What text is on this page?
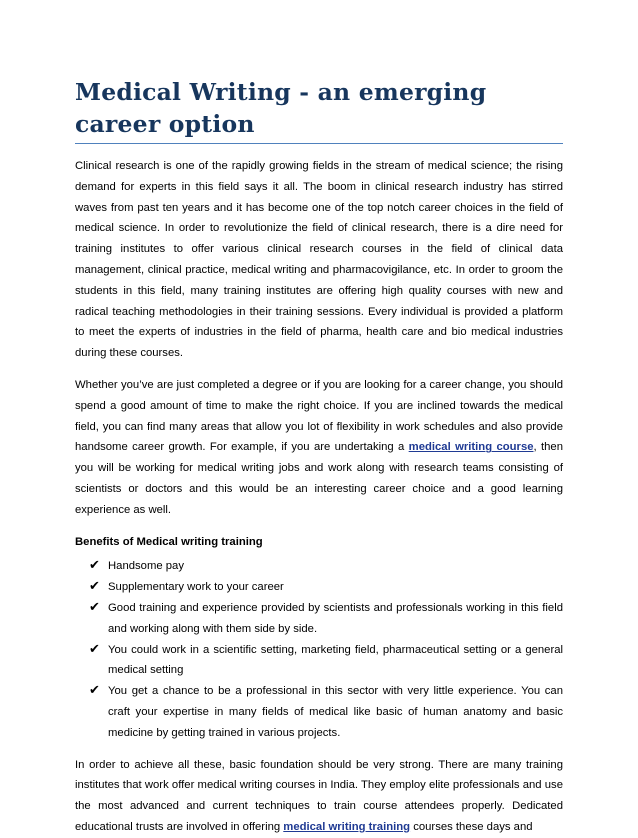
Medical Writing - an emerging career option

Clinical research is one of the rapidly growing fields in the stream of medical science; the rising demand for experts in this field says it all. The boom in clinical research industry has stirred waves from past ten years and it has become one of the top notch career choices in the field of medical science. In order to revolutionize the field of clinical research, there is a dire need for training institutes to offer various clinical research courses in the field of clinical data management, clinical practice, medical writing and pharmacovigilance, etc. In order to groom the students in this field, many training institutes are offering high quality courses with new and radical teaching methodologies in their training sessions. Every individual is provided a platform to meet the experts of industries in the field of pharma, health care and bio medical industries during these courses.

Whether you’ve are just completed a degree or if you are looking for a career change, you should spend a good amount of time to make the right choice. If you are inclined towards the medical field, you can find many areas that allow you lot of flexibility in work schedules and also provide handsome career growth. For example, if you are undertaking a medical writing course, then you will be working for medical writing jobs and work along with research teams consisting of scientists or doctors and this would be an interesting career choice and a good learning experience as well.

Benefits of Medical writing training
✔ Handsome pay
✔ Supplementary work to your career
✔ Good training and experience provided by scientists and professionals working in this field and working along with them side by side.
✔ You could work in a scientific setting, marketing field, pharmaceutical setting or a general medical setting
✔ You get a chance to be a professional in this sector with very little experience. You can craft your expertise in many fields of medical like basic of human anatomy and basic medicine by getting trained in various projects.

In order to achieve all these, basic foundation should be very strong. There are many training institutes that work offer medical writing courses in India. They employ elite professionals and use the most advanced and current techniques to train course attendees properly. Dedicated educational trusts are involved in offering medical writing training courses these days and
